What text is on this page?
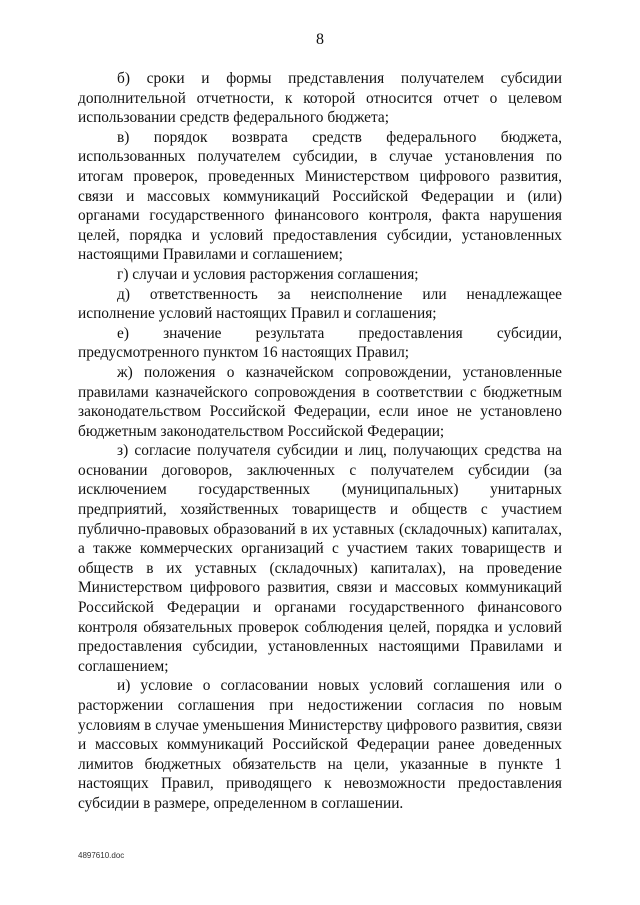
8

б) сроки и формы представления получателем субсидии дополнительной отчетности, к которой относится отчет о целевом использовании средств федерального бюджета;

в) порядок возврата средств федерального бюджета, использованных получателем субсидии, в случае установления по итогам проверок, проведенных Министерством цифрового развития, связи и массовых коммуникаций Российской Федерации и (или) органами государственного финансового контроля, факта нарушения целей, порядка и условий предоставления субсидии, установленных настоящими Правилами и соглашением;

г) случаи и условия расторжения соглашения;

д) ответственность за неисполнение или ненадлежащее исполнение условий настоящих Правил и соглашения;

е) значение результата предоставления субсидии, предусмотренного пунктом 16 настоящих Правил;

ж) положения о казначейском сопровождении, установленные правилами казначейского сопровождения в соответствии с бюджетным законодательством Российской Федерации, если иное не установлено бюджетным законодательством Российской Федерации;

з) согласие получателя субсидии и лиц, получающих средства на основании договоров, заключенных с получателем субсидии (за исключением государственных (муниципальных) унитарных предприятий, хозяйственных товариществ и обществ с участием публично-правовых образований в их уставных (складочных) капиталах, а также коммерческих организаций с участием таких товариществ и обществ в их уставных (складочных) капиталах), на проведение Министерством цифрового развития, связи и массовых коммуникаций Российской Федерации и органами государственного финансового контроля обязательных проверок соблюдения целей, порядка и условий предоставления субсидии, установленных настоящими Правилами и соглашением;

и) условие о согласовании новых условий соглашения или о расторжении соглашения при недостижении согласия по новым условиям в случае уменьшения Министерству цифрового развития, связи и массовых коммуникаций Российской Федерации ранее доведенных лимитов бюджетных обязательств на цели, указанные в пункте 1 настоящих Правил, приводящего к невозможности предоставления субсидии в размере, определенном в соглашении.

4897610.doc
